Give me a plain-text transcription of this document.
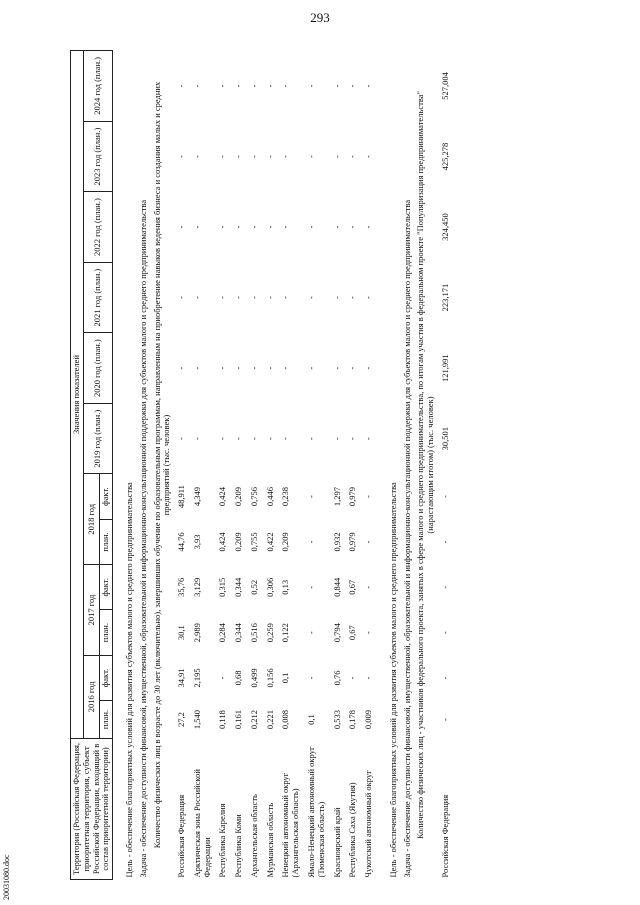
293
Территория (Российская Федерация, приоритетная территория, субъект Российской Федерации, входящий в состав приоритетной территории)	Значения показателей											
	2016 год		2017 год		2018 год		2019 год (план.)	2020 год (план.)	2021 год (план.)	2022 год (план.)	2023 год (план.)	2024 год (план.)
	план.	факт.	план.	факт.	план.	факт.						

Цель - обеспечение благоприятных условий для развития субъектов малого и среднего предпринимательства												
Задача - обеспечение доступности финансовой, имущественной, образовательной и информационно-консультационной поддержки для субъектов малого и среднего предпринимательства												
Количество физических лиц в возрасте до 30 лет (включительно), завершивших обучение по образовательным программам, направленным на приобретение навыков ведения бизнеса и создания малых и средних предприятий (тыс. человек)												
Российская Федерация	27,2	34,91	30,1	35,76	44,76	48,911	-	-	-	-	-	-
Арктическая зона Российской Федерации	1,540	2,195	2,989	3,129	3,93	4,349	-	-	-	-	-	-
Республика Карелия	0,118	-	0,284	0,315	0,424	0,424	-	-	-	-	-	-
Республика Коми	0,161	0,68	0,344	0,344	0,209	0,209	-	-	-	-	-	-
Архангельская область	0,212	0,499	0,516	0,52	0,755	0,756	-	-	-	-	-	-
Мурманская область	0,221	0,156	0,259	0,306	0,422	0,446	-	-	-	-	-	-
Ненецкий автономный округ (Архангельская область)	0,008	0,1	0,122	0,13	0,209	0,238	-	-	-	-	-	-
Ямало-Ненецкий автономный округ (Тюменская область)	0,1	-	-	-	-	-	-	-	-	-	-	-
Красноярский край	0,533	0,76	0,794	0,844	0,932	1,297	-	-	-	-	-	-
Республика Саха (Якутия)	0,178	-	0,67	0,67	0,979	0,979	-	-	-	-	-	-
Чукотский автономный округ	0,009	-	-	-	-	-	-	-	-	-	-	-

Цель - обеспечение благоприятных условий для развития субъектов малого и среднего предпринимательства												
Задача - обеспечение доступности финансовой, имущественной, образовательной и информационно-консультационной поддержки для субъектов малого и среднего предпринимательства												
Количество физических лиц - участников федерального проекта, занятых в сфере малого и среднего предпринимательства, по итогам участия в федеральном проекте "Популяризация предпринимательства" (нарастающим итогом) (тыс. человек)												
Российская Федерация	-	-	-	-	-	-	30,501	121,991	223,171	324,450	425,278	527,004
20031080.doc
